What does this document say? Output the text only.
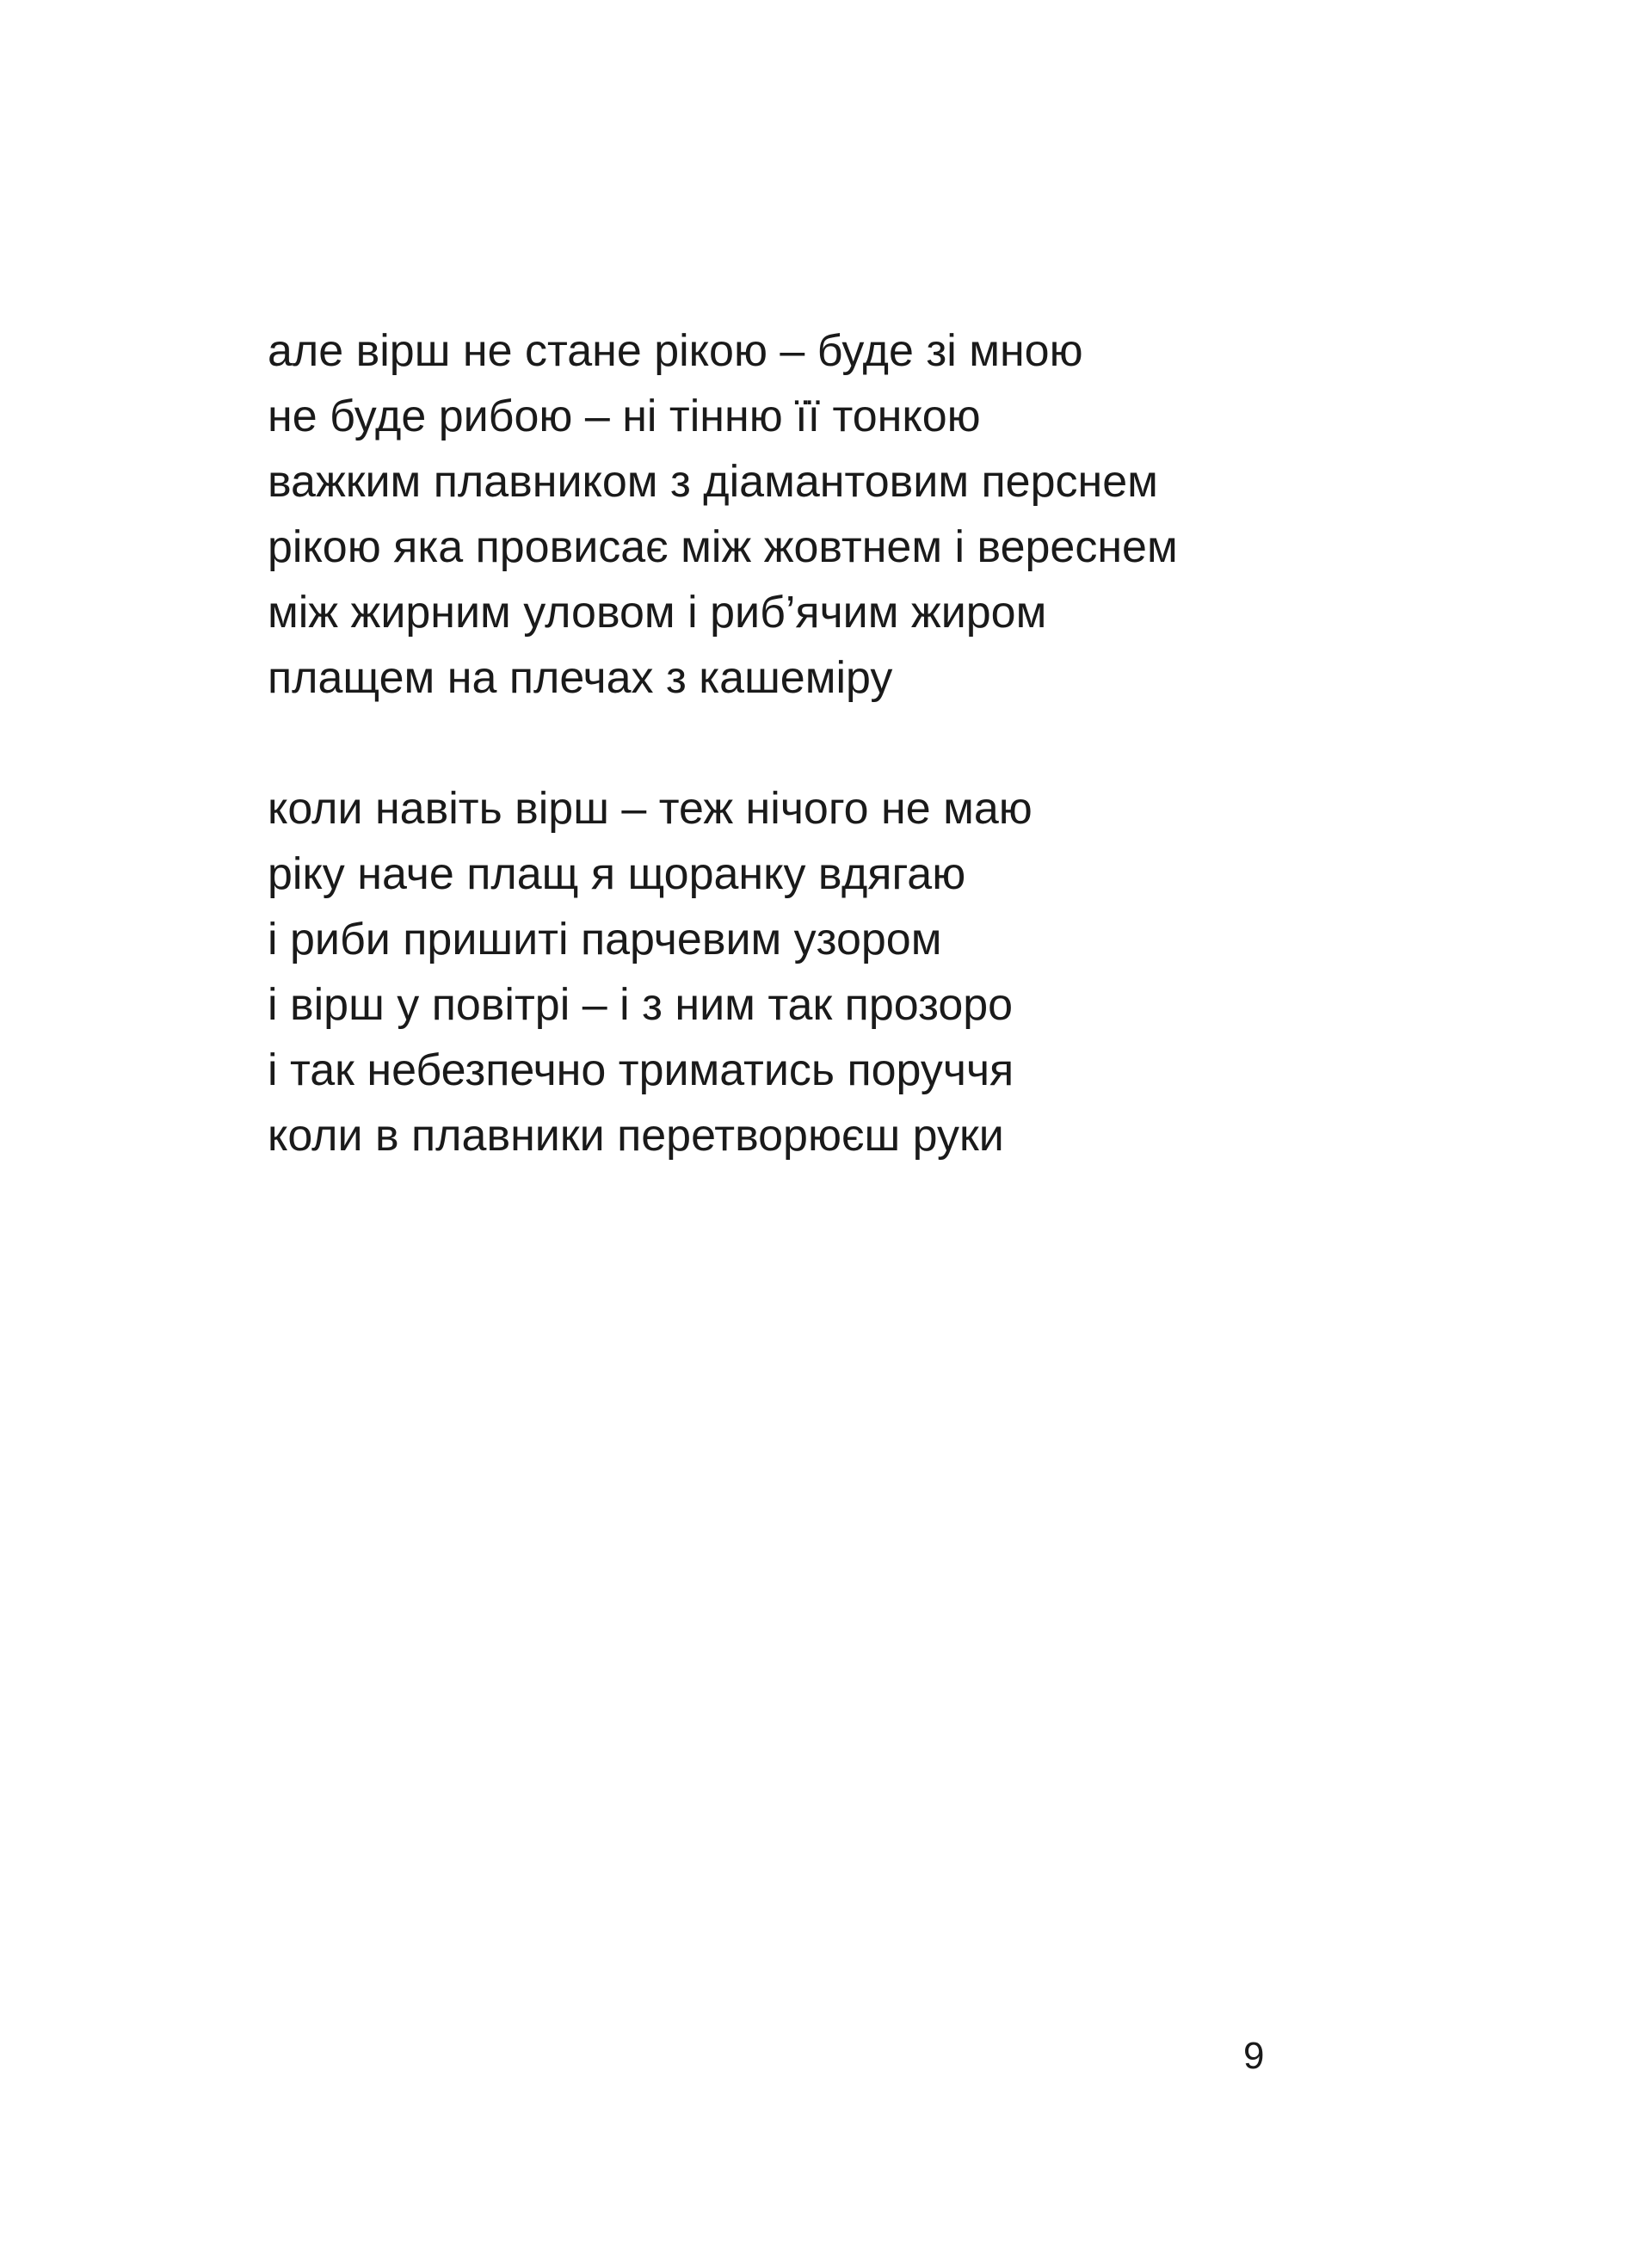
але вірш не стане рікою – буде зі мною
не буде рибою – ні тінню її тонкою
важким плавником з діамантовим перснем
рікою яка провисає між жовтнем і вереснем
між жирним уловом і риб’ячим жиром
плащем на плечах з кашеміру
коли навіть вірш – теж нічого не маю
ріку наче плащ я щоранку вдягаю
і риби пришиті парчевим узором
і вірш у повітрі – і з ним так прозоро
і так небезпечно триматись поруччя
коли в плавники перетворюєш руки
9
